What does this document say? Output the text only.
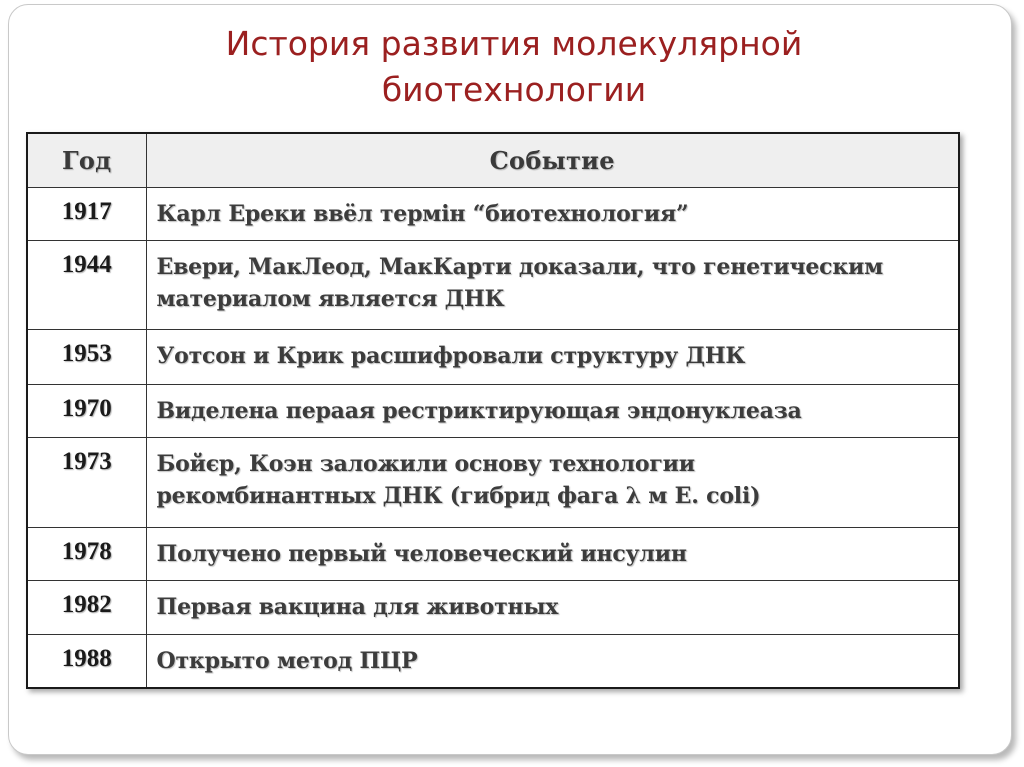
История развития молекулярной
биотехнологии
Год	Событие
1917	Карл Ереки ввёл термін “биотехнология”

1944	Евери, МакЛеод, МакКарти доказали, что генетическим
материалом является ДНК

1953	Уотсон и Крик расшифровали структуру ДНК

1970	Виделена перaая рестриктирующая эндонуклеаза

1973	Бойєр, Коэн заложили основу технологии
рекомбинантных ДНК (гибрид фага λ м E. coli)

1978	Получено первый человеческий инсулин

1982	Первая вакцина для животных

1988	Открыто метод ПЦР
